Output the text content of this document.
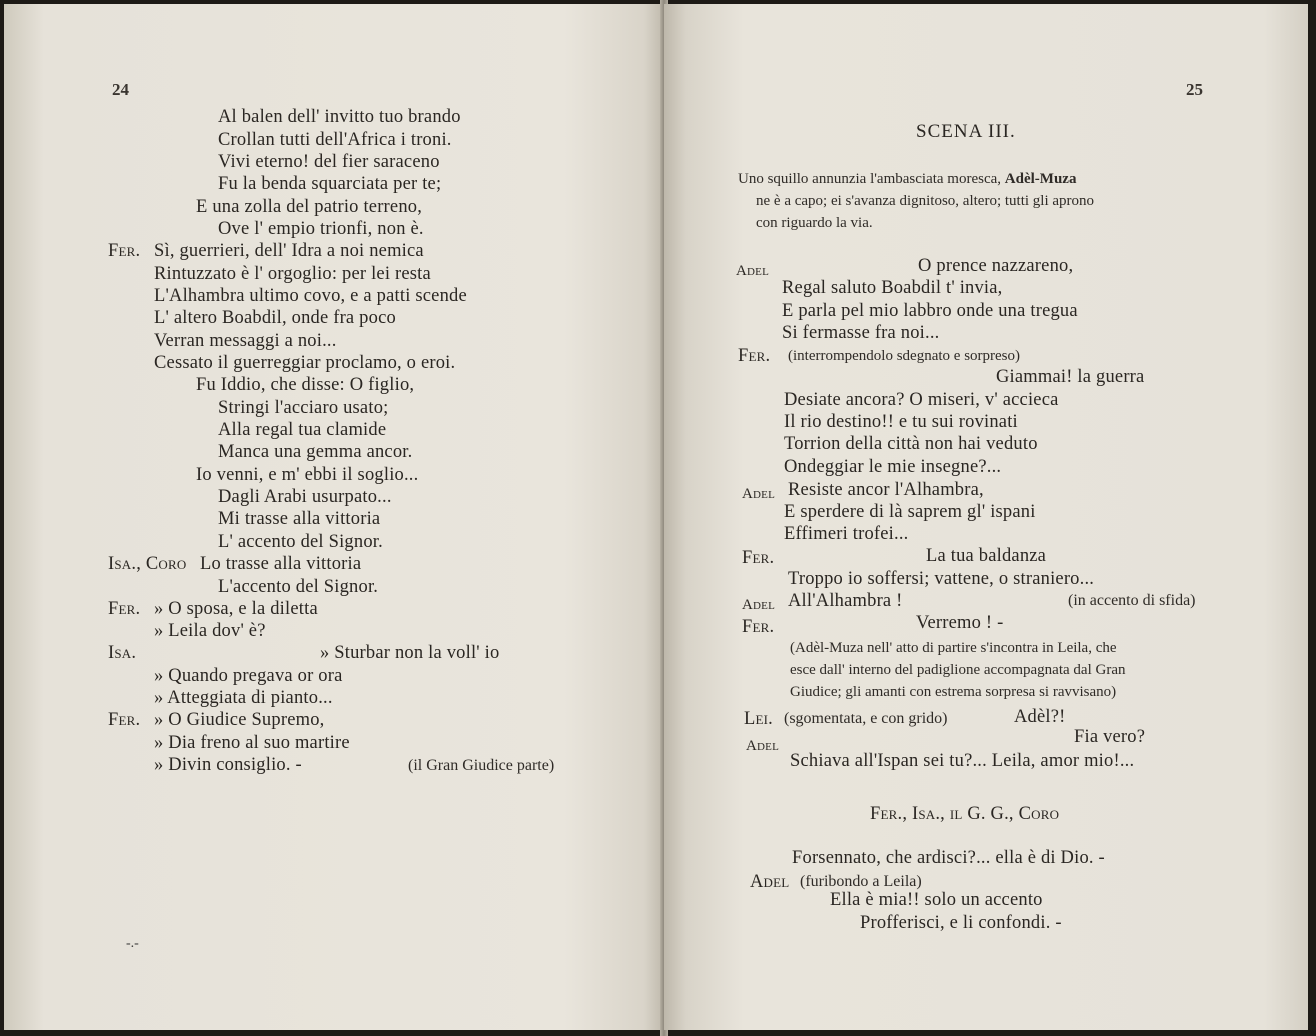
24
Al balen dell' invitto tuo brando
Crollan tutti dell'Africa i troni.
Vivi eterno! del fier saraceno
Fu la benda squarciata per te;
E una zolla del patrio terreno,
Ove l' empio trionfi, non è.
Fer. Sì, guerrieri, dell' Idra a noi nemica
Rintuzzato è l' orgoglio: per lei resta
L'Alhambra ultimo covo, e a patti scende
L' altero Boabdil, onde fra poco
Verran messaggi a noi...
Cessato il guerreggiar proclamo, o eroi.
Fu Iddio, che disse: O figlio,
Stringi l'acciaro usato;
Alla regal tua clamide
Manca una gemma ancor.
Io venni, e m' ebbi il soglio...
Dagli Arabi usurpato...
Mi trasse alla vittoria
L' accento del Signor.
Isa., Coro Lo trasse alla vittoria
L'accento del Signor.
Fer. » O sposa, e la diletta
» Leila dov' è?
Isa.	» Sturbar non la voll' io
» Quando pregava or ora
» Atteggiata di pianto...
Fer. » O Giudice Supremo,
» Dia freno al suo martire
» Divin consiglio. -	(il Gran Giudice parte)
-.-
25
SCENA III.
Uno squillo annunzia l'ambasciata moresca, Adèl-Muza
ne è a capo; ei s'avanza dignitoso, altero; tutti gli aprono
con riguardo la via.
Adel	O prence nazzareno,
Regal saluto Boabdil t' invia,
E parla pel mio labbro onde una tregua
Si fermasse fra noi...
Fer. (interrompendolo sdegnato e sorpreso)
Giammai! la guerra
Desiate ancora? O miseri, v' accieca
Il rio destino!! e tu sui rovinati
Torrion della città non hai veduto
Ondeggiar le mie insegne?...
Adel Resiste ancor l'Alhambra,
E sperdere di là saprem gl' ispani
Effimeri trofei...
Fer.	La tua baldanza
Troppo io soffersi; vattene, o straniero...
Adel All'Alhambra !	(in accento di sfida)
Fer.	Verremo ! -
(Adèl-Muza nell' atto di partire s'incontra in Leila, che
esce dall' interno del padiglione accompagnata dal Gran
Giudice; gli amanti con estrema sorpresa si ravvisano)
Lei. (sgomentata, e con grido)	Adèl?!
Adel	Fia vero?
Schiava all'Ispan sei tu?... Leila, amor mio!...
Fer., Isa., il G. G., Coro
Forsennato, che ardisci?... ella è di Dio. -
Adel (furibondo a Leila)
Ella è mia!! solo un accento
Profferisci, e li confondi. -
